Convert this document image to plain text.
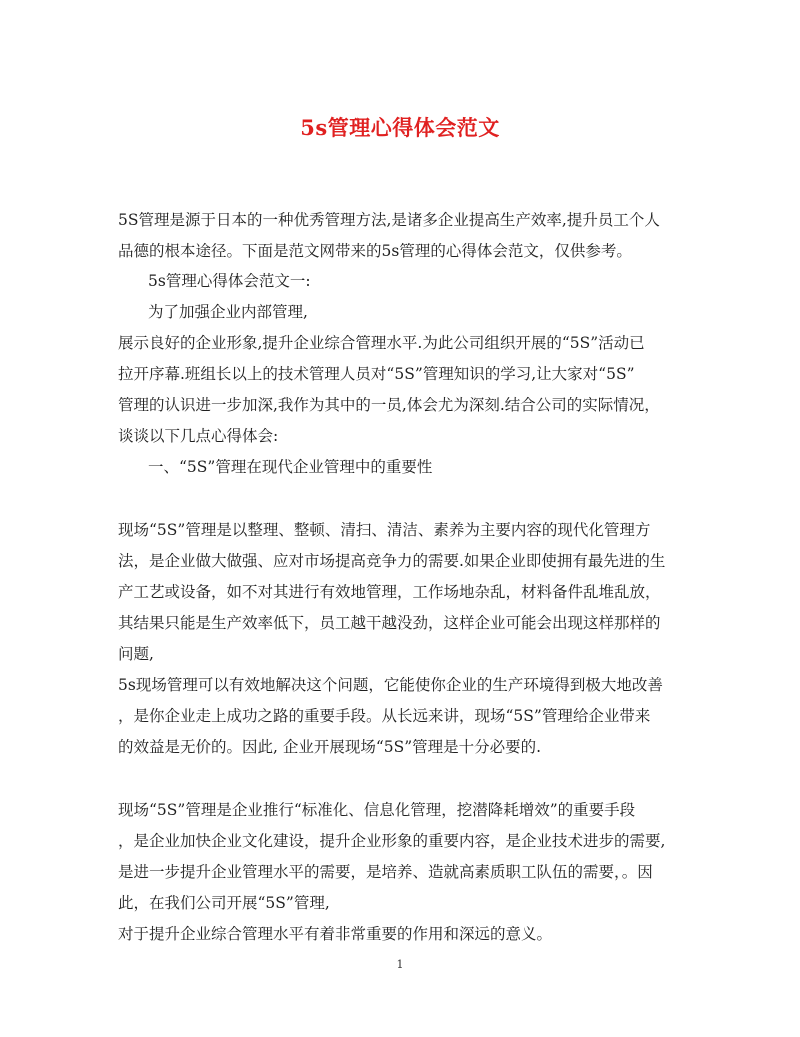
5s管理心得体会范文
5S管理是源于日本的一种优秀管理方法,是诸多企业提高生产效率,提升员工个人
品德的根本途径。下面是范文网带来的5s管理的心得体会范文，仅供参考。
5s管理心得体会范文一:
为了加强企业内部管理,
展示良好的企业形象,提升企业综合管理水平.为此公司组织开展的“5S”活动已
拉开序幕.班组长以上的技术管理人员对“5S”管理知识的学习,让大家对“5S”
管理的认识进一步加深,我作为其中的一员,体会尤为深刻.结合公司的实际情况，
谈谈以下几点心得体会:
一、“5S”管理在现代企业管理中的重要性
现场“5S”管理是以整理、整顿、清扫、清洁、素养为主要内容的现代化管理方
法，是企业做大做强、应对市场提高竞争力的需要.如果企业即使拥有最先进的生
产工艺或设备，如不对其进行有效地管理，工作场地杂乱，材料备件乱堆乱放，
其结果只能是生产效率低下，员工越干越没劲，这样企业可能会出现这样那样的
问题,
5s现场管理可以有效地解决这个问题，它能使你企业的生产环境得到极大地改善
，是你企业走上成功之路的重要手段。从长远来讲，现场“5S”管理给企业带来
的效益是无价的。因此, 企业开展现场“5S”管理是十分必要的.
现场“5S”管理是企业推行“标准化、信息化管理，挖潜降耗增效”的重要手段
，是企业加快企业文化建设，提升企业形象的重要内容，是企业技术进步的需要,
是进一步提升企业管理水平的需要，是培养、造就高素质职工队伍的需要，。因
此，在我们公司开展“5S”管理,
对于提升企业综合管理水平有着非常重要的作用和深远的意义。
1
